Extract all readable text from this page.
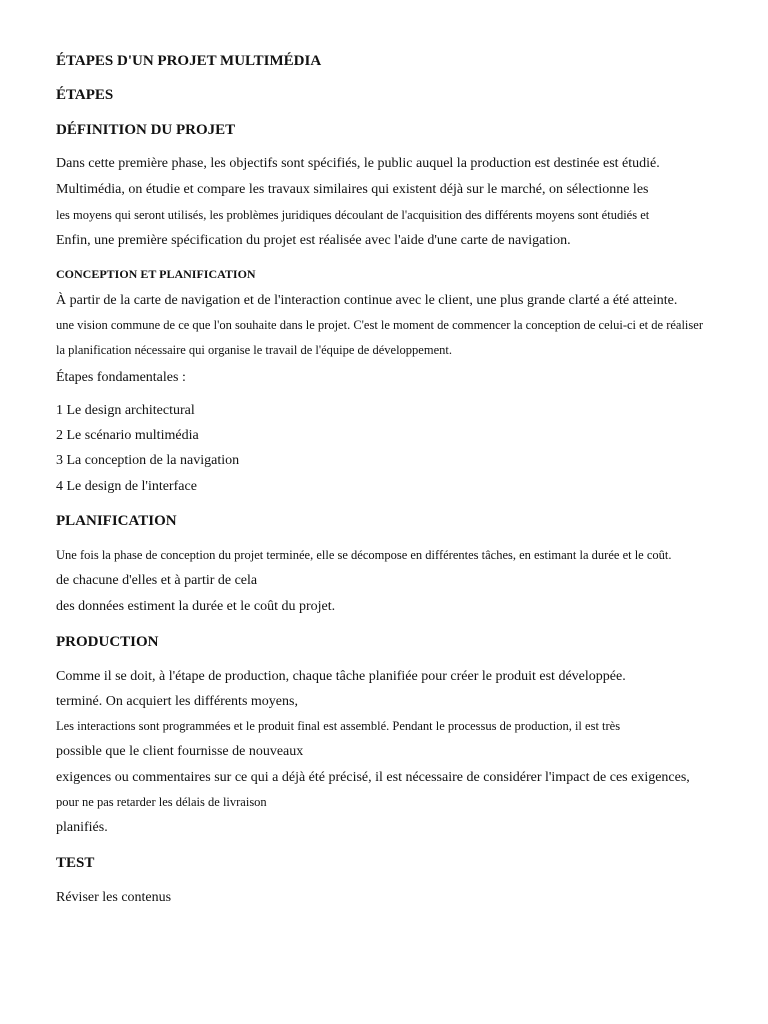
ÉTAPES D'UN PROJET MULTIMÉDIA
ÉTAPES
DÉFINITION DU PROJET
Dans cette première phase, les objectifs sont spécifiés, le public auquel la production est destinée est étudié.
Multimédia, on étudie et compare les travaux similaires qui existent déjà sur le marché, on sélectionne les
les moyens qui seront utilisés, les problèmes juridiques découlant de l'acquisition des différents moyens sont étudiés et
Enfin, une première spécification du projet est réalisée avec l'aide d'une carte de navigation.
CONCEPTION ET PLANIFICATION
À partir de la carte de navigation et de l'interaction continue avec le client, une plus grande clarté a été atteinte.
une vision commune de ce que l'on souhaite dans le projet. C'est le moment de commencer la conception de celui-ci et de réaliser
la planification nécessaire qui organise le travail de l'équipe de développement.
Étapes fondamentales :
1 Le design architectural
2 Le scénario multimédia
3 La conception de la navigation
4 Le design de l'interface
PLANIFICATION
Une fois la phase de conception du projet terminée, elle se décompose en différentes tâches, en estimant la durée et le coût.
de chacune d'elles et à partir de cela
des données estiment la durée et le coût du projet.
PRODUCTION
Comme il se doit, à l'étape de production, chaque tâche planifiée pour créer le produit est développée.
terminé. On acquiert les différents moyens,
Les interactions sont programmées et le produit final est assemblé. Pendant le processus de production, il est très
possible que le client fournisse de nouveaux
exigences ou commentaires sur ce qui a déjà été précisé, il est nécessaire de considérer l'impact de ces exigences,
pour ne pas retarder les délais de livraison
planifiés.
TEST
Réviser les contenus
